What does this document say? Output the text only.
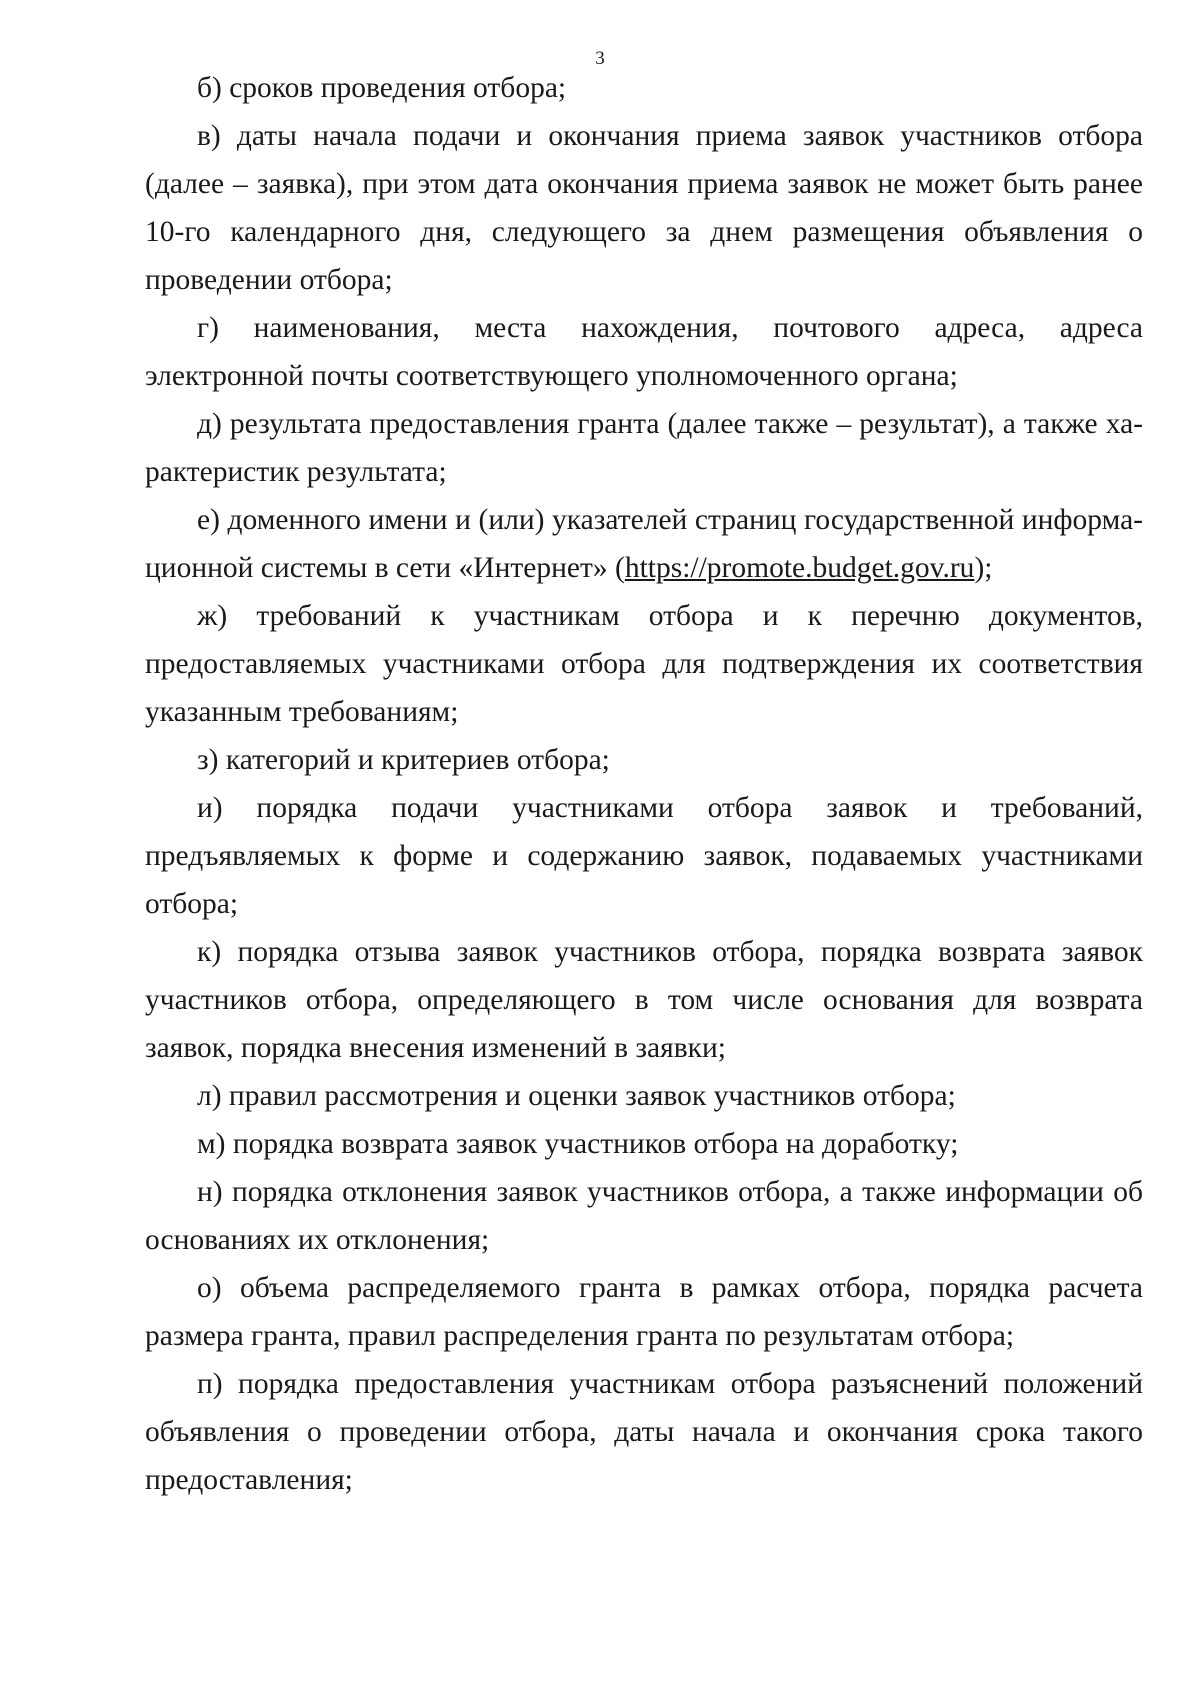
3

б) сроков проведения отбора;

в) даты начала подачи и окончания приема заявок участников отбора (далее – заявка), при этом дата окончания приема заявок не может быть ранее 10-го календарного дня, следующего за днем размещения объявления о проведении отбора;

г) наименования, места нахождения, почтового адреса, адреса электронной почты соответствующего уполномоченного органа;

д) результата предоставления гранта (далее также – результат), а также характеристик результата;

е) доменного имени и (или) указателей страниц государственной информационной системы в сети «Интернет» (https://promote.budget.gov.ru);

ж) требований к участникам отбора и к перечню документов, предоставляемых участниками отбора для подтверждения их соответствия указанным требованиям;

з) категорий и критериев отбора;

и) порядка подачи участниками отбора заявок и требований, предъявляемых к форме и содержанию заявок, подаваемых участниками отбора;

к) порядка отзыва заявок участников отбора, порядка возврата заявок участников отбора, определяющего в том числе основания для возврата заявок, порядка внесения изменений в заявки;

л) правил рассмотрения и оценки заявок участников отбора;

м) порядка возврата заявок участников отбора на доработку;

н) порядка отклонения заявок участников отбора, а также информации об основаниях их отклонения;

о) объема распределяемого гранта в рамках отбора, порядка расчета размера гранта, правил распределения гранта по результатам отбора;

п) порядка предоставления участникам отбора разъяснений положений объявления о проведении отбора, даты начала и окончания срока такого предоставления;
